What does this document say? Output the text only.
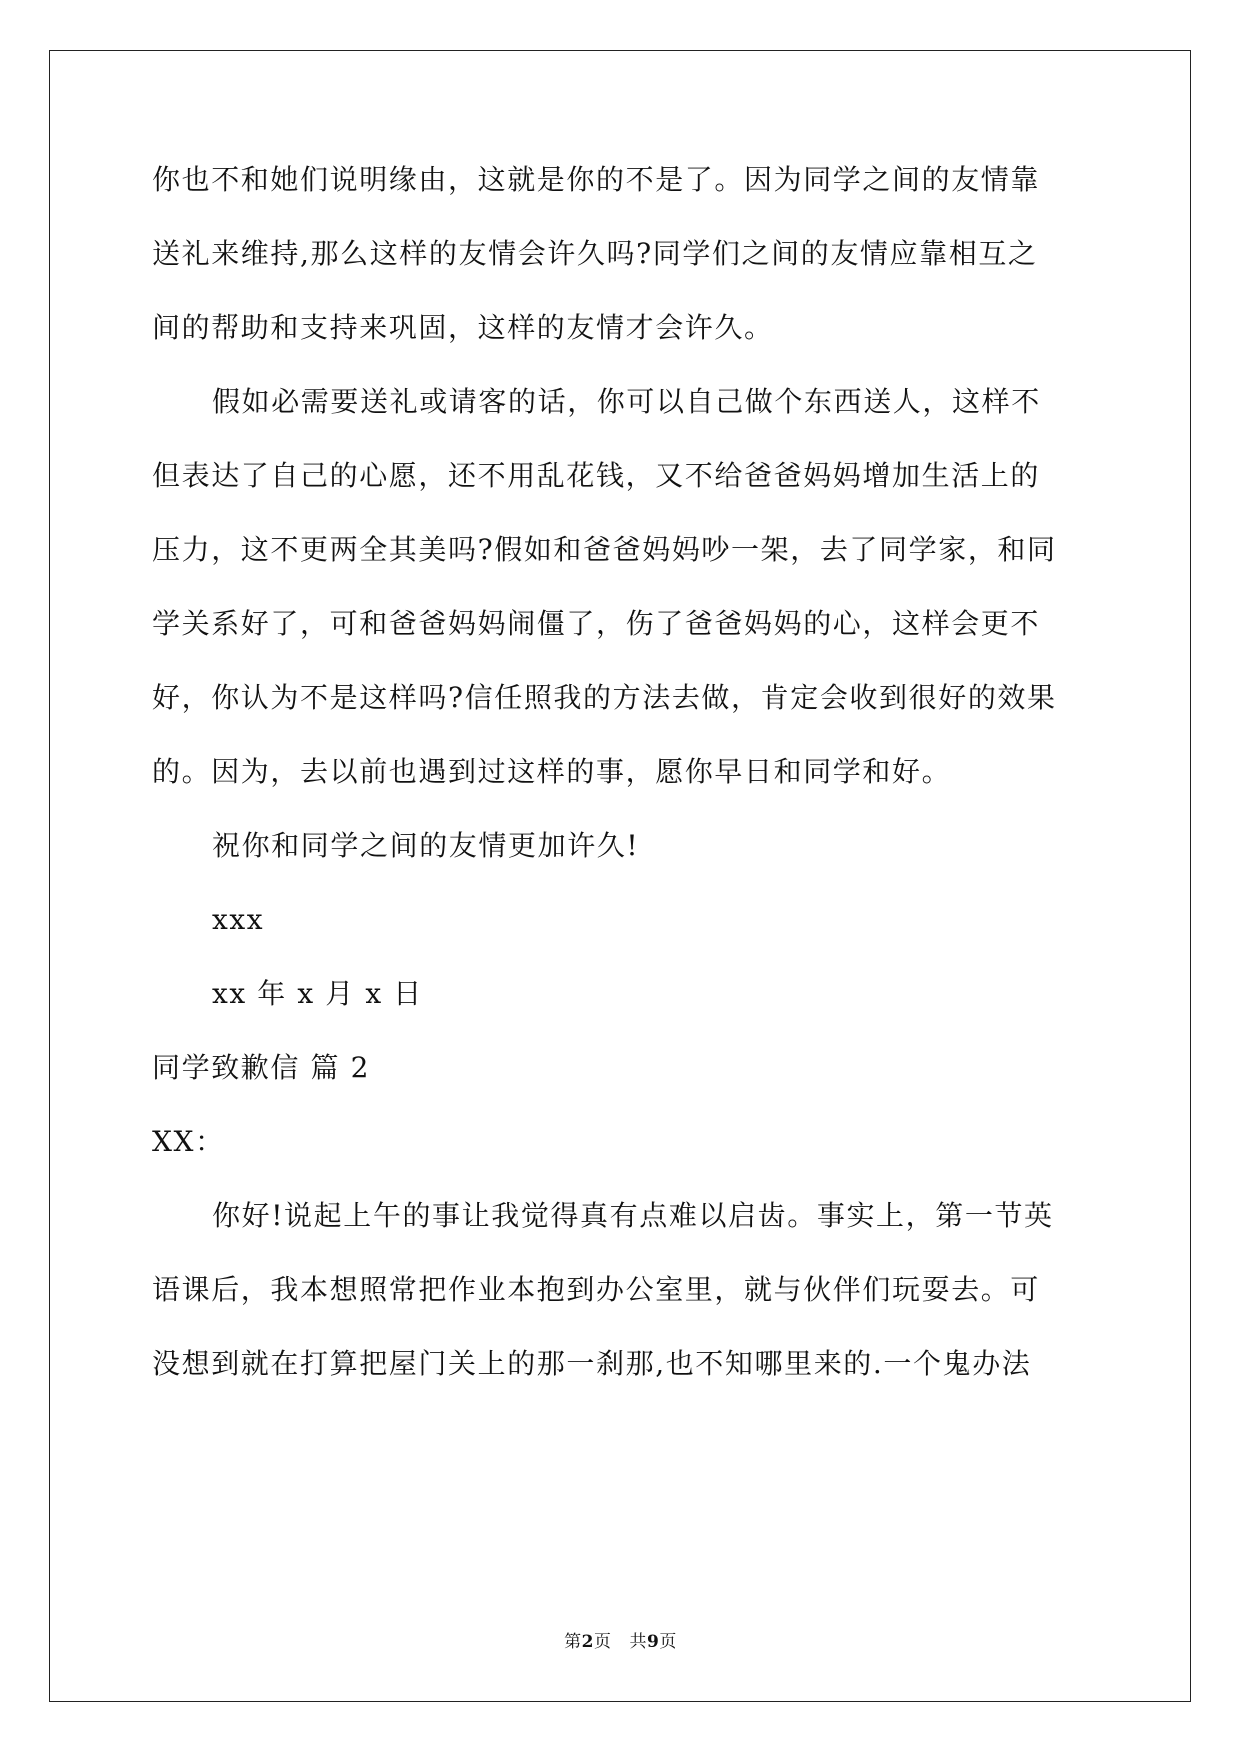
你也不和她们说明缘由，这就是你的不是了。因为同学之间的友情靠
送礼来维持,那么这样的友情会许久吗?同学们之间的友情应靠相互之
间的帮助和支持来巩固，这样的友情才会许久。
假如必需要送礼或请客的话，你可以自己做个东西送人，这样不
但表达了自己的心愿，还不用乱花钱，又不给爸爸妈妈增加生活上的
压力，这不更两全其美吗?假如和爸爸妈妈吵一架，去了同学家，和同
学关系好了，可和爸爸妈妈闹僵了，伤了爸爸妈妈的心，这样会更不
好，你认为不是这样吗?信任照我的方法去做，肯定会收到很好的效果
的。因为，去以前也遇到过这样的事，愿你早日和同学和好。
祝你和同学之间的友情更加许久!
xxx
xx 年 x 月 x 日
同学致歉信 篇 2
XX：
你好!说起上午的事让我觉得真有点难以启齿。事实上，第一节英
语课后，我本想照常把作业本抱到办公室里，就与伙伴们玩耍去。可
没想到就在打算把屋门关上的那一刹那,也不知哪里来的.一个鬼办法
第2页 共9页
